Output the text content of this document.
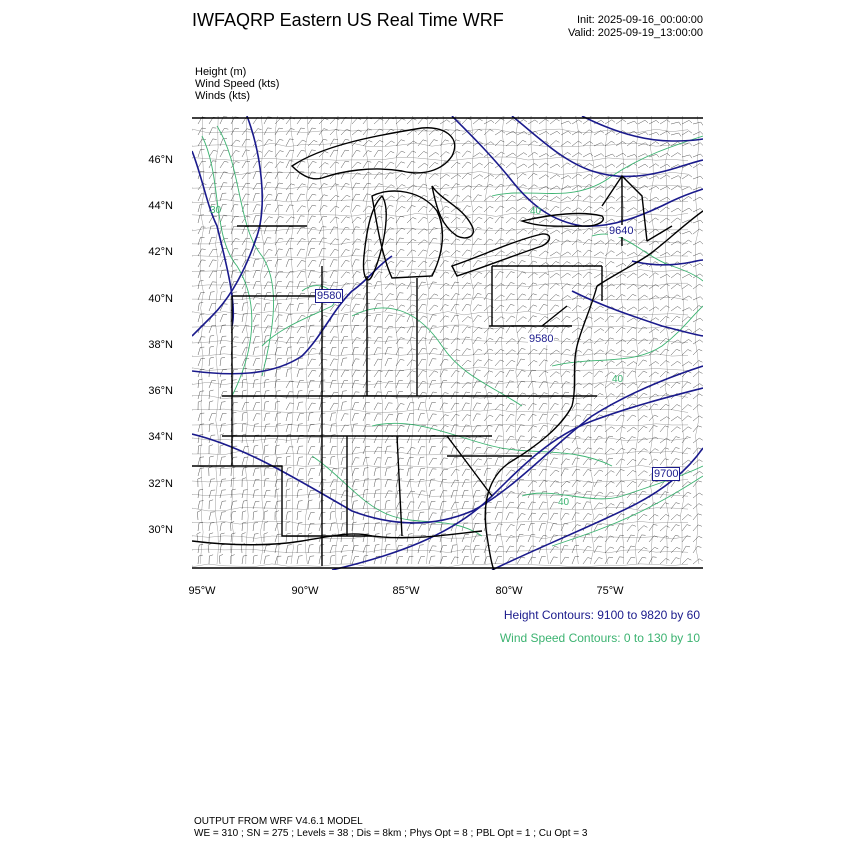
IWFAQRP Eastern US Real Time WRF	Init: 2025-09-16_00:00:00
Valid: 2025-09-19_13:00:00
Height (m)
Wind Speed (kts)
Winds (kts)
46°N
44°N
42°N
40°N
38°N
36°N
34°N
32°N
30°N
95°W	90°W	85°W	80°W	75°W
9580
9580
9640
9700
40
40
40
30
Height Contours: 9100 to 9820 by 60
Wind Speed Contours: 0 to 130 by 10
OUTPUT FROM WRF V4.6.1 MODEL
WE = 310 ; SN = 275 ; Levels = 38 ; Dis = 8km ; Phys Opt = 8 ; PBL Opt = 1 ; Cu Opt = 3
